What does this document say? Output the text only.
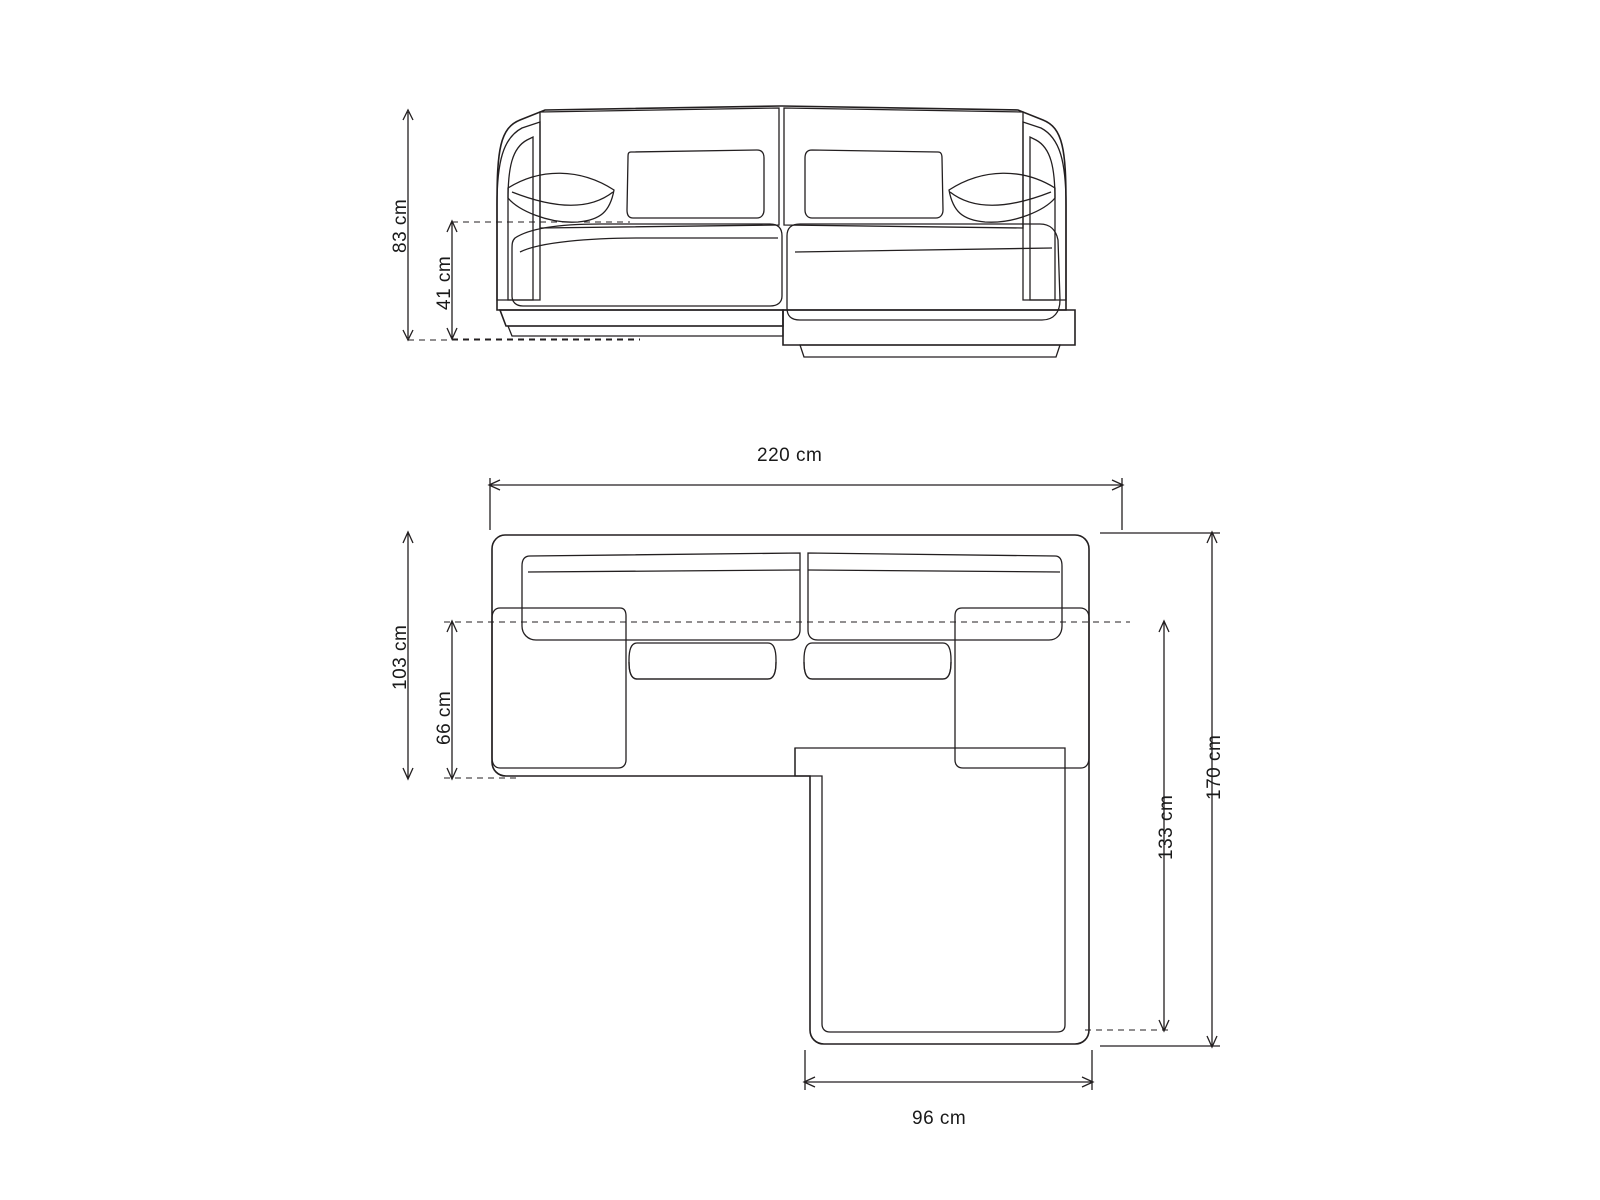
83 cm
41 cm
220 cm
103 cm
66 cm
170 cm
133 cm
96 cm
